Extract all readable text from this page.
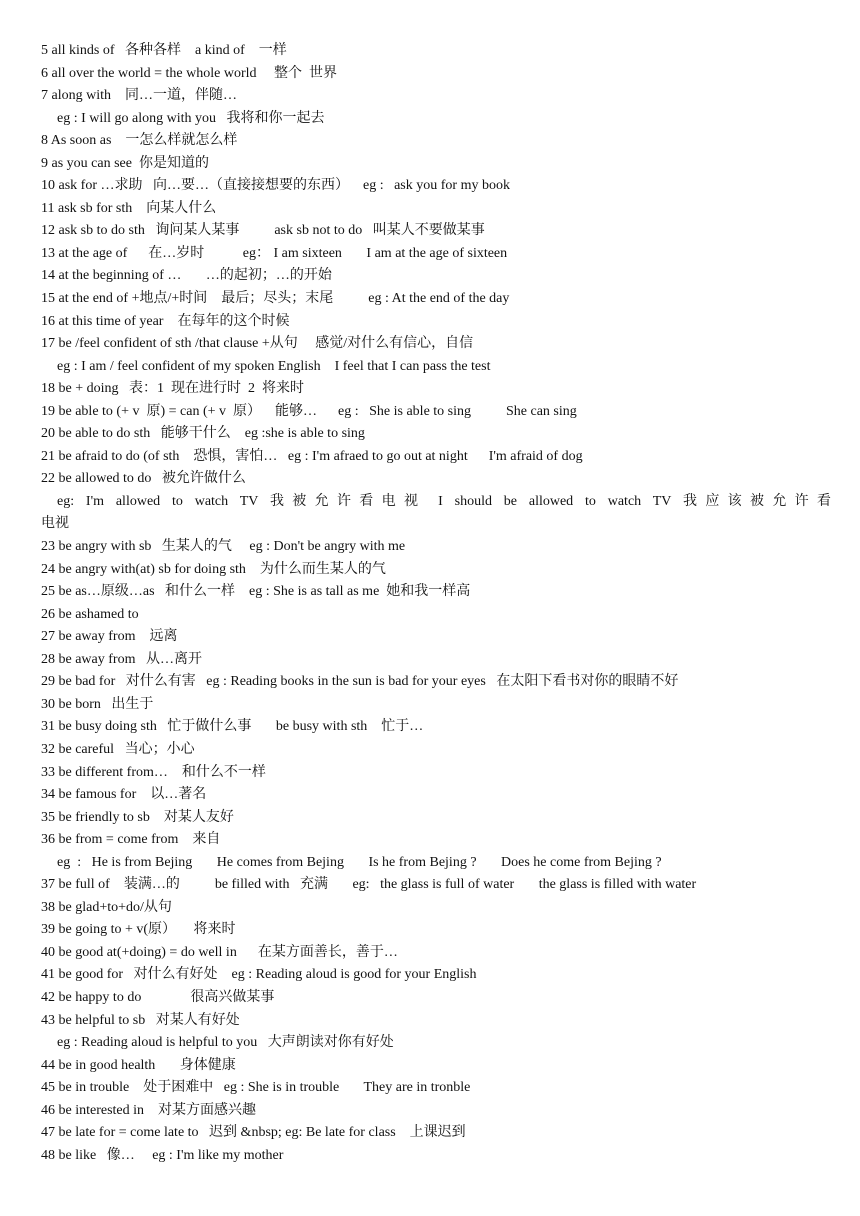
5 all kinds of   各种各样    a kind of    一样
6 all over the world = the whole world     整个  世界
7 along with    同…一道，伴随…
eg : I will go along with you   我将和你一起去
8 As soon as    一怎么样就怎么样
9 as you can see  你是知道的
10 ask for …求助   向…要…（直接接想要的东西）    eg :   ask you for my book
11 ask sb for sth    向某人什么
12 ask sb to do sth   询问某人某事          ask sb not to do   叫某人不要做某事
13 at the age of      在…岁时           eg： I am sixteen       I am at the age of sixteen
14 at the beginning of …       …的起初；…的开始
15 at the end of +地点/+时间    最后；尽头；末尾          eg : At the end of the day
16 at this time of year    在每年的这个时候
17 be /feel confident of sth /that clause +从句     感觉/对什么有信心，自信
eg : I am / feel confident of my spoken English    I feel that I can pass the test
18 be + doing   表：1  现在进行时  2  将来时
19 be able to (+ v  原) = can (+ v  原）    能够…      eg :   She is able to sing          She can sing
20 be able to do sth   能够干什么    eg :she is able to sing
21 be afraid to do (of sth    恐惧，害怕…   eg : I'm afraed to go out at night      I'm afraid of dog
22 be allowed to do   被允许做什么
eg: I'm allowed to watch TV 我被允许看电视 I should be allowed to watch TV 我应该被允许看
电视
23 be angry with sb   生某人的气     eg : Don't be angry with me
24 be angry with(at) sb for doing sth    为什么而生某人的气
25 be as…原级…as   和什么一样    eg : She is as tall as me  她和我一样高
26 be ashamed to
27 be away from    远离
28 be away from   从…离开
29 be bad for   对什么有害   eg : Reading books in the sun is bad for your eyes   在太阳下看书对你的眼睛不好
30 be born   出生于
31 be busy doing sth   忙于做什么事       be busy with sth    忙于…
32 be careful   当心；小心
33 be different from…    和什么不一样
34 be famous for    以…著名
35 be friendly to sb    对某人友好
36 be from = come from    来自
eg  :   He is from Bejing       He comes from Bejing       Is he from Bejing ?       Does he come from Bejing ?
37 be full of    装满…的          be filled with   充满       eg:   the glass is full of water       the glass is filled with water
38 be glad+to+do/从句
39 be going to + v(原）     将来时
40 be good at(+doing) = do well in      在某方面善长，善于…
41 be good for   对什么有好处    eg : Reading aloud is good for your English
42 be happy to do              很高兴做某事
43 be helpful to sb   对某人有好处
eg : Reading aloud is helpful to you   大声朗读对你有好处
44 be in good health       身体健康
45 be in trouble    处于困难中   eg : She is in trouble       They are in tronble
46 be interested in    对某方面感兴趣
47 be late for = come late to   迟到 &nbsp; eg: Be late for class    上课迟到
48 be like   像…     eg : I'm like my mother
